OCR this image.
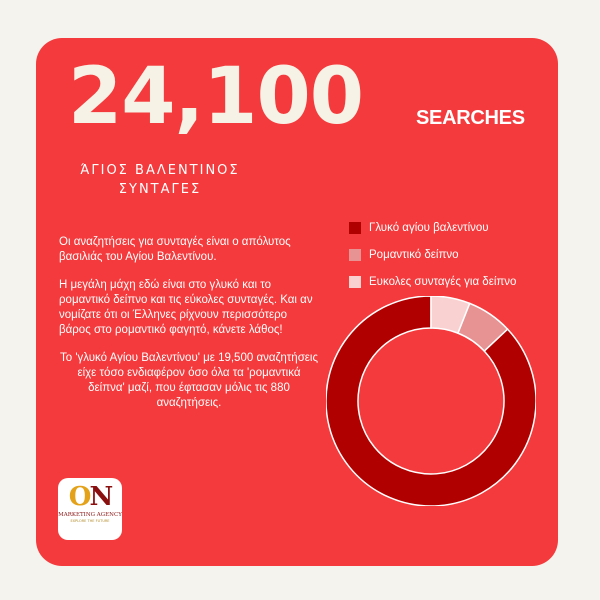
24,100	SEARCHES
ΆΓΙΟΣ ΒΑΛΕΝΤΙΝΟΣ
ΣΥΝΤΑΓΕΣ

Οι αναζητήσεις για συνταγές είναι ο απόλυτος βασιλιάς του Αγίου Βαλεντίνου.

Η μεγάλη μάχη εδώ είναι στο γλυκό και το ρομαντικό δείπνο και τις εύκολες συνταγές. Και αν νομίζατε ότι οι Έλληνες ρίχνουν περισσότερο βάρος στο ρομαντικό φαγητό, κάνετε λάθος!

Το 'γλυκό Αγίου Βαλεντίνου' με 19,500 αναζητήσεις είχε τόσο ενδιαφέρον όσο όλα τα 'ρομαντικά δείπνα' μαζί, που έφτασαν μόλις τις 880 αναζητήσεις.

Γλυκό αγίου βαλεντίνου
Ρομαντικό δείπνο
Ευκολες συνταγές για δείπνο
ON
MARKETING AGENCY
EXPLORE THE FUTURE
